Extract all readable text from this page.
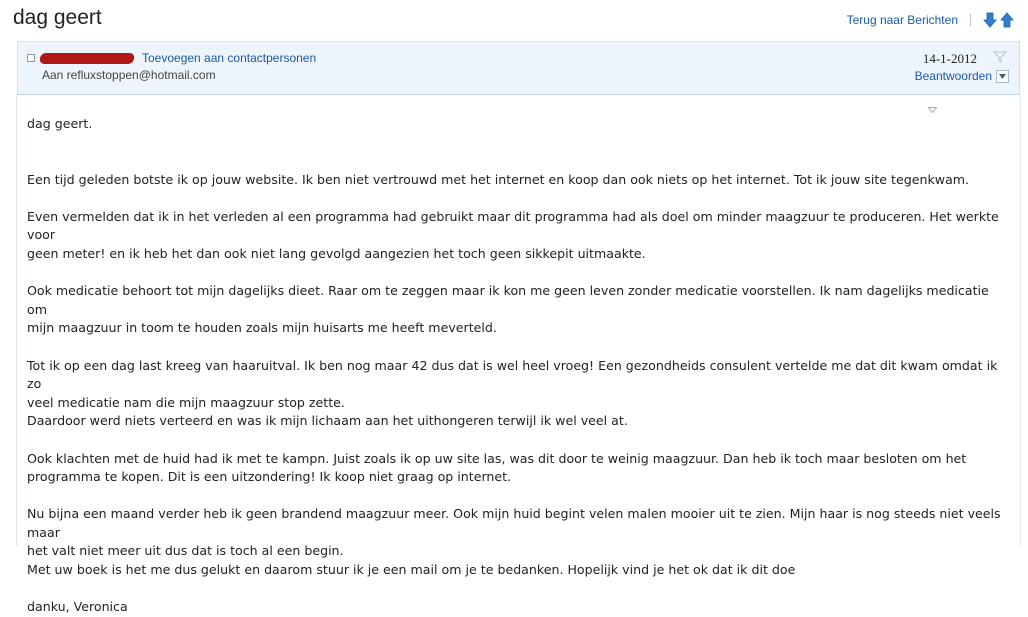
dag geert	Terug naar Berichten
Toevoegen aan contactpersonen
Aan refluxstoppen@hotmail.com
14-1-2012
Beantwoorden

dag geert.

Een tijd geleden botste ik op jouw website. Ik ben niet vertrouwd met het internet en koop dan ook niets op het internet. Tot ik jouw site tegenkwam.

Even vermelden dat ik in het verleden al een programma had gebruikt maar dit programma had als doel om minder maagzuur te produceren. Het werkte voor

geen meter! en ik heb het dan ook niet lang gevolgd aangezien het toch geen sikkepit uitmaakte.

Ook medicatie behoort tot mijn dagelijks dieet. Raar om te zeggen maar ik kon me geen leven zonder medicatie voorstellen. Ik nam dagelijks medicatie om

mijn maagzuur in toom te houden zoals mijn huisarts me heeft meverteld.

Tot ik op een dag last kreeg van haaruitval. Ik ben nog maar 42 dus dat is wel heel vroeg! Een gezondheids consulent vertelde me dat dit kwam omdat ik zo

veel medicatie nam die mijn maagzuur stop zette.

Daardoor werd niets verteerd en was ik mijn lichaam aan het uithongeren terwijl ik wel veel at.

Ook klachten met de huid had ik met te kampn. Juist zoals ik op uw site las, was dit door te weinig maagzuur. Dan heb ik toch maar besloten om het

programma te kopen. Dit is een uitzondering! Ik koop niet graag op internet.

Nu bijna een maand verder heb ik geen brandend maagzuur meer. Ook mijn huid begint velen malen mooier uit te zien. Mijn haar is nog steeds niet veels maar

het valt niet meer uit dus dat is toch al een begin.

Met uw boek is het me dus gelukt en daarom stuur ik je een mail om je te bedanken. Hopelijk vind je het ok dat ik dit doe

danku, Veronica
